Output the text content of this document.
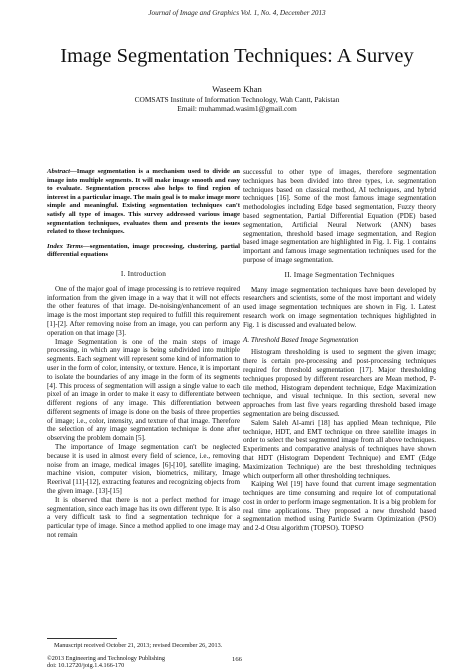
Journal of Image and Graphics Vol. 1, No. 4, December 2013
Image Segmentation Techniques: A Survey
Waseem Khan
COMSATS Institute of Information Technology, Wah Cantt, Pakistan
Email: muhammad.wasim1@gmail.com
Abstract—Image segmentation is a mechanism used to divide an image into multiple segments. It will make image smooth and easy to evaluate. Segmentation process also helps to find region of interest in a particular image. The main goal is to make image more simple and meaningful. Existing segmentation techniques can't satisfy all type of images. This survey addressed various image segmentation techniques, evaluates them and presents the issues related to those techniques.
Index Terms—segmentation, image processing, clustering, partial differential equations
I. Introduction

One of the major goal of image processing is to retrieve required information from the given image in a way that it will not effects the other features of that image. De-noising/enhancement of an image is the most important step required to fulfill this requirement [1]-[2]. After removing noise from an image, you can perform any operation on that image [3].

Image Segmentation is one of the main steps of image processing, in which any image is being subdivided into multiple segments. Each segment will represent some kind of information to user in the form of color, intensity, or texture. Hence, it is important to isolate the boundaries of any image in the form of its segments [4]. This process of segmentation will assign a single value to each pixel of an image in order to make it easy to differentiate between different regions of any image. This differentiation between different segments of image is done on the basis of three properties of image; i.e., color, intensity, and texture of that image. Therefore the selection of any image segmentation technique is done after observing the problem domain [5].

The importance of Image segmentation can't be neglected because it is used in almost every field of science, i.e., removing noise from an image, medical images [6]-[10], satellite imaging, machine vision, computer vision, biometrics, military, Image Reerival [11]-[12], extracting features and recognizing objects from the given image. [13]-[15]

It is observed that there is not a perfect method for image segmentation, since each image has its own different type. It is also a very difficult task to find a segmentation technique for a particular type of image. Since a method applied to one image may not remain

successful to other type of images, therefore segmentation techniques has been divided into three types, i.e. segmentation techniques based on classical method, AI techniques, and hybrid techniques [16]. Some of the most famous image segmentation methodologies including Edge based segmentation, Fuzzy theory based segmentation, Partial Differential Equation (PDE) based segmentation, Artificial Neural Network (ANN) bases segmentation, threshold based image segmentation, and Region based image segmentation are highlighted in Fig. 1. Fig. 1 contains important and famous image segmentation techniques used for the purpose of image segmentation.

II. Image Segmentation Techniques

Many image segmentation techniques have been developed by researchers and scientists, some of the most important and widely used image segmentation techniques are shown in Fig. 1. Latest research work on image segmentation techniques highlighted in Fig. 1 is discussed and evaluated below.

A. Threshold Based Image Segmentation

Histogram thresholding is used to segment the given image; there is certain pre-processing and post-processing techniques required for threshold segmentation [17]. Major thresholding techniques proposed by different researchers are Mean method, P-tile method, Histogram dependent technique, Edge Maximization technique, and visual technique. In this section, several new approaches from last five years regarding threshold based image segmentation are being discussed.

Salem Saleh Al-amri [18] has applied Mean technique, Pile technique, HDT, and EMT technique on three satellite images in order to select the best segmented image from all above techniques. Experiments and comparative analysis of techniques have shown that HDT (Histogram Dependent Technique) and EMT (Edge Maximization Technique) are the best thresholding techniques which outperform all other thresholding techniques.

Kaiping Wel [19] have found that current image segmentation techniques are time consuming and require lot of computational cost in order to perform image segmentation. It is a big problem for real time applications. They proposed a new threshold based segmentation method using Particle Swarm Optimization (PSO) and 2-d Otsu algorithm (TOPSO). TOPSO

Manuscript received October 21, 2013; revised December 26, 2013.
©2013 Engineering and Technology Publishing
doi: 10.12720/joig.1.4.166-170
166
